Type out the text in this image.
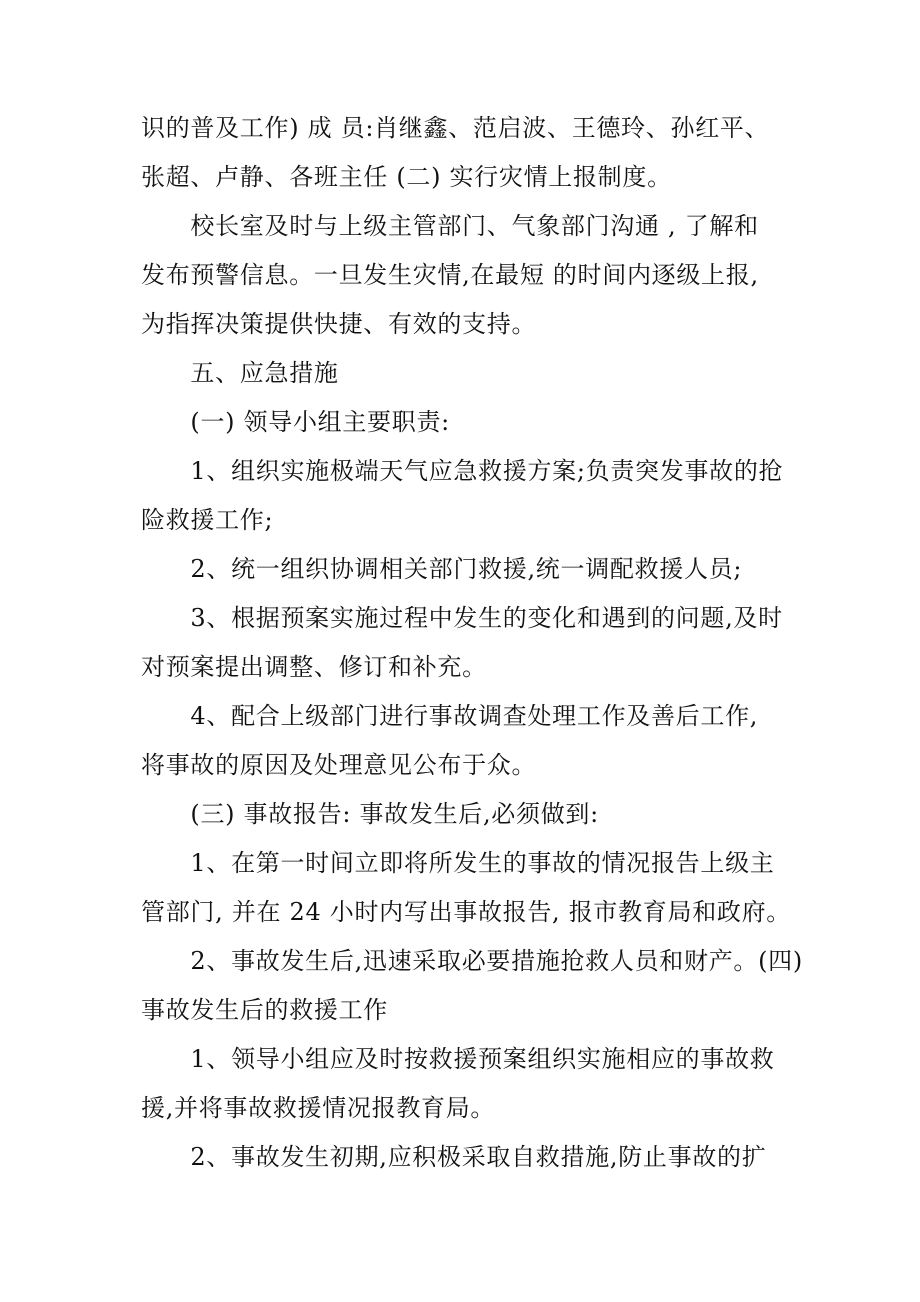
识的普及工作) 成 员:肖继鑫、范启波、王德玲、孙红平、
张超、卢静、各班主任 (二) 实行灾情上报制度。
　　校长室及时与上级主管部门、气象部门沟通 , 了解和
发布预警信息。一旦发生灾情,在最短 的时间内逐级上报,
为指挥决策提供快捷、有效的支持。
　　五、应急措施
　　(一) 领导小组主要职责:
　　1、组织实施极端天气应急救援方案;负责突发事故的抢
险救援工作;
　　2、统一组织协调相关部门救援,统一调配救援人员;
　　3、根据预案实施过程中发生的变化和遇到的问题,及时
对预案提出调整、修订和补充。
　　4、配合上级部门进行事故调查处理工作及善后工作,
将事故的原因及处理意见公布于众。
　　(三) 事故报告: 事故发生后,必须做到:
　　1、在第一时间立即将所发生的事故的情况报告上级主
管部门, 并在 24 小时内写出事故报告, 报市教育局和政府。
　　2、事故发生后,迅速采取必要措施抢救人员和财产。(四)
事故发生后的救援工作
　　1、领导小组应及时按救援预案组织实施相应的事故救
援,并将事故救援情况报教育局。
　　2、事故发生初期,应积极采取自救措施,防止事故的扩
